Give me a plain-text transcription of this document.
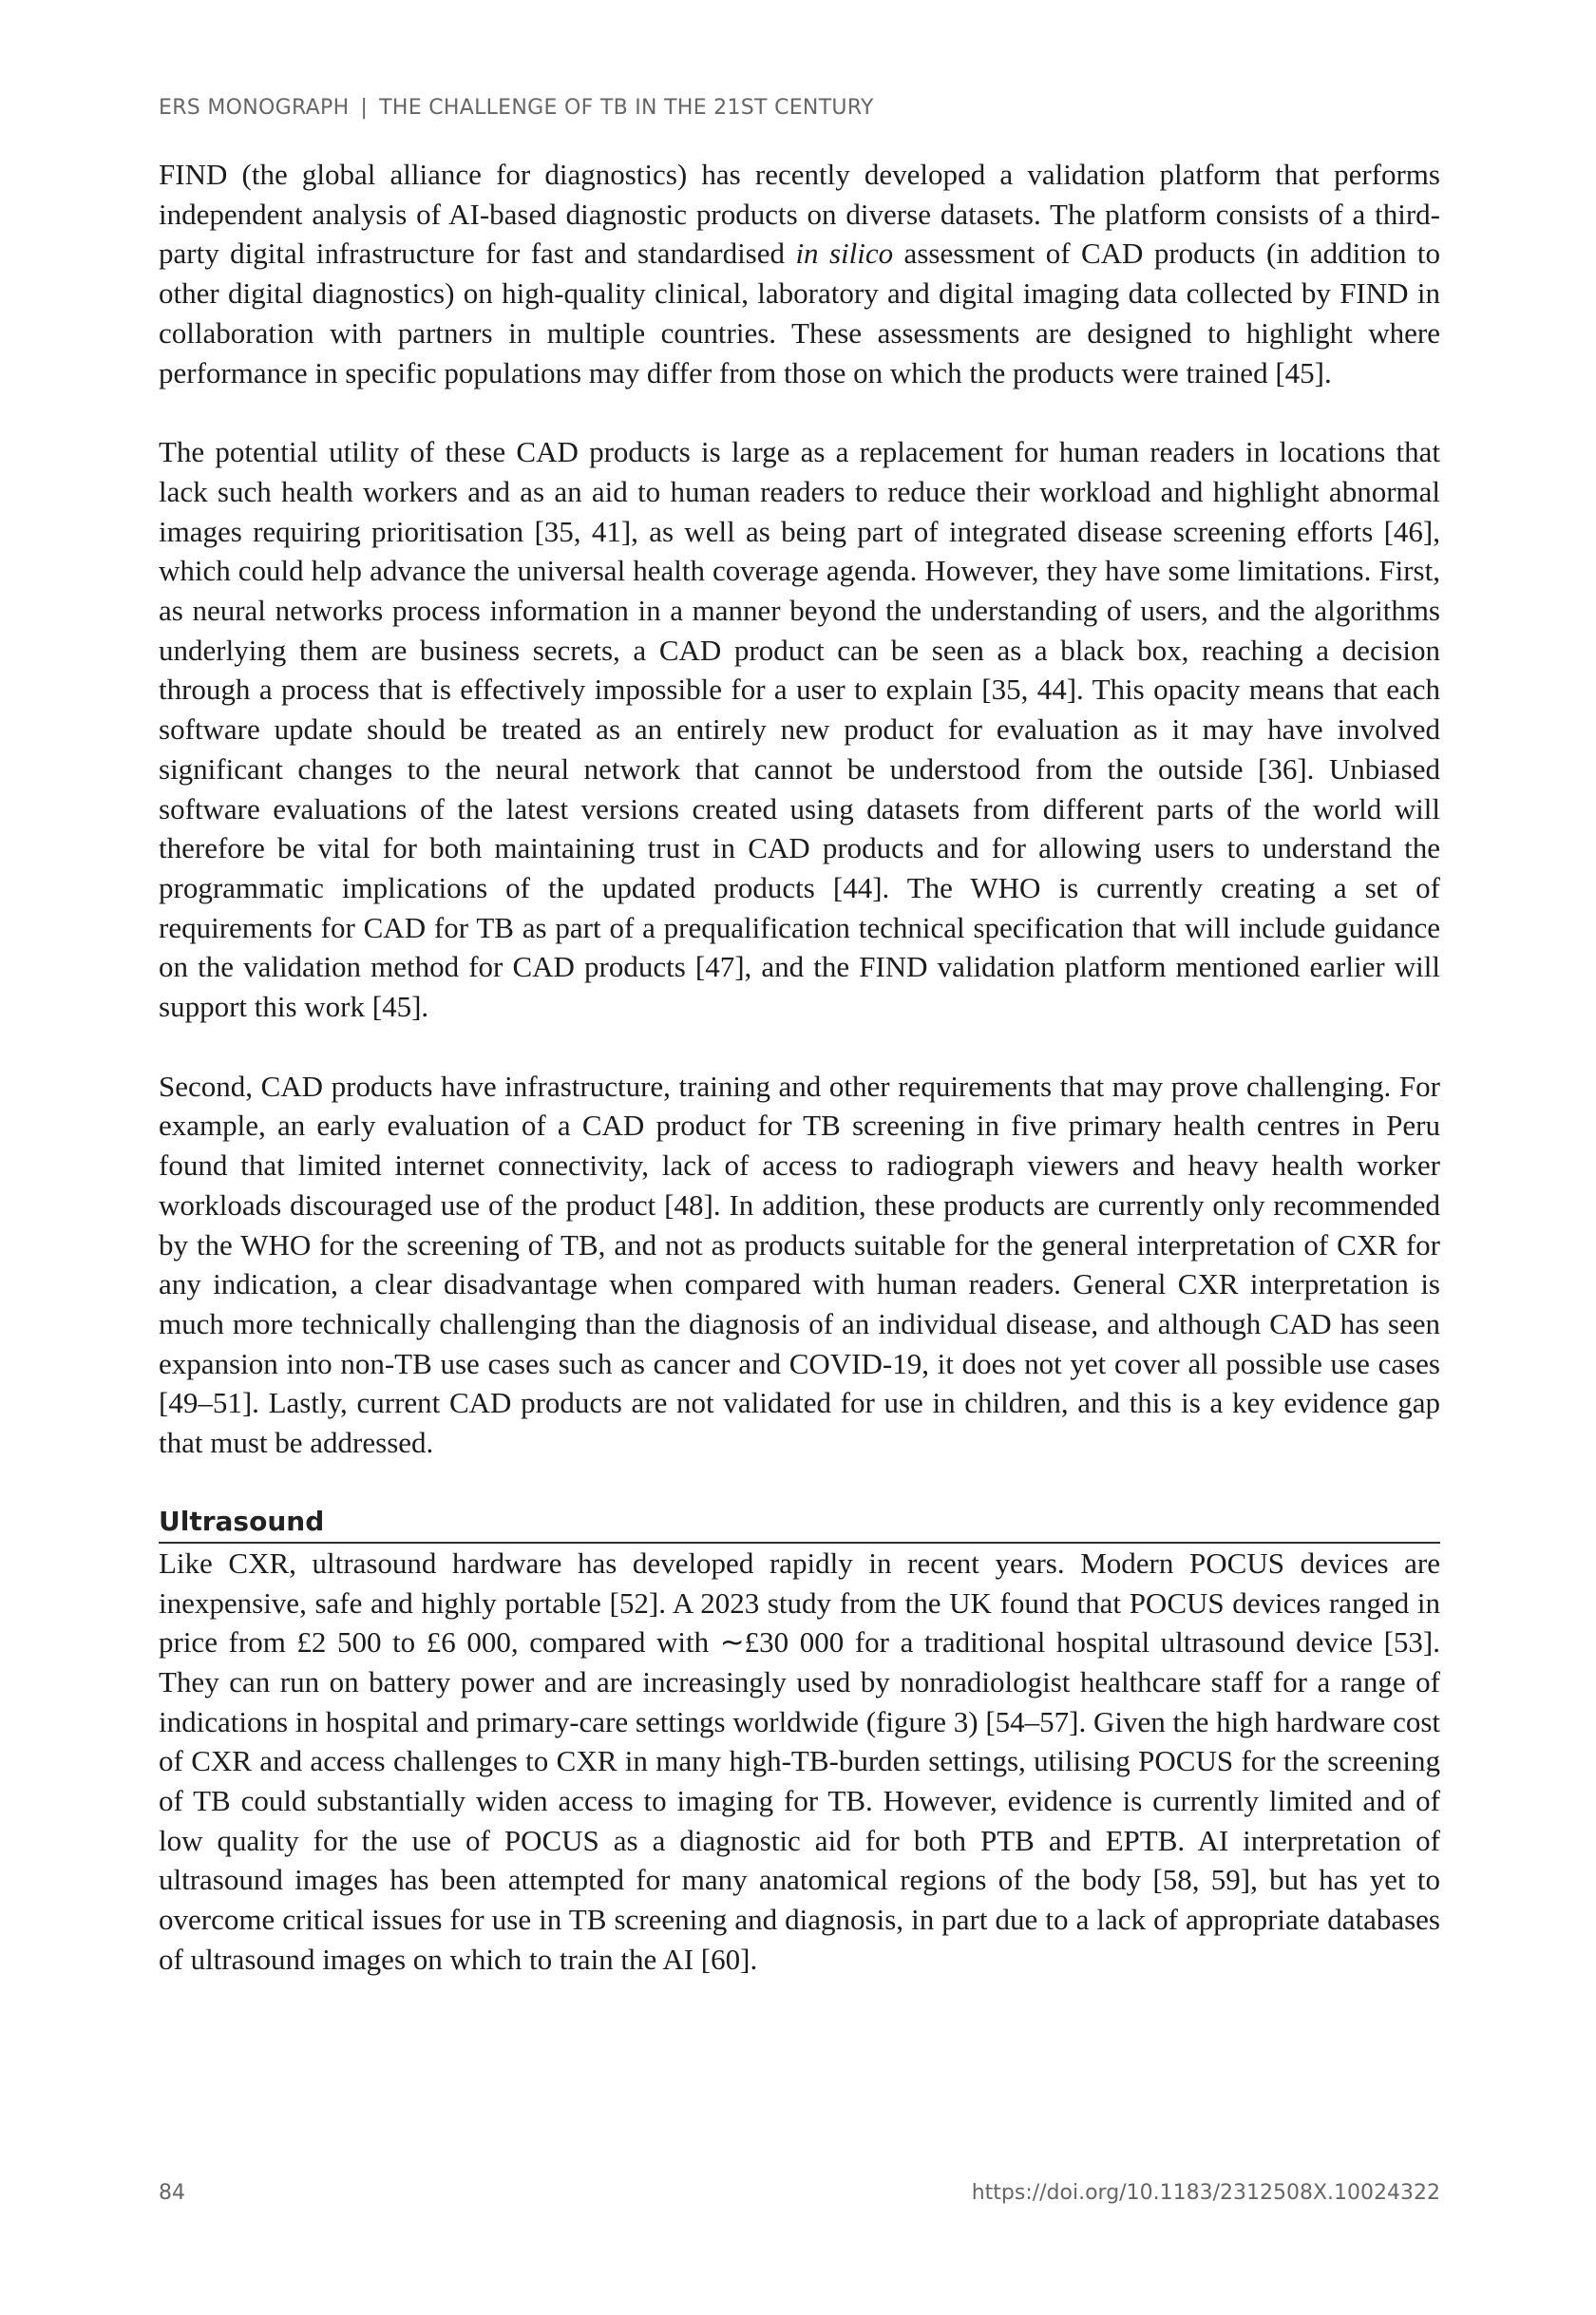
ERS MONOGRAPH | THE CHALLENGE OF TB IN THE 21ST CENTURY

FIND (the global alliance for diagnostics) has recently developed a validation platform that performs independent analysis of AI-based diagnostic products on diverse datasets. The platform consists of a third-party digital infrastructure for fast and standardised in silico assessment of CAD products (in addition to other digital diagnostics) on high-quality clinical, laboratory and digital imaging data collected by FIND in collaboration with partners in multiple countries. These assessments are designed to highlight where performance in specific populations may differ from those on which the products were trained [45].

The potential utility of these CAD products is large as a replacement for human readers in locations that lack such health workers and as an aid to human readers to reduce their workload and highlight abnormal images requiring prioritisation [35, 41], as well as being part of integrated disease screening efforts [46], which could help advance the universal health coverage agenda. However, they have some limitations. First, as neural networks process information in a manner beyond the understanding of users, and the algorithms underlying them are business secrets, a CAD product can be seen as a black box, reaching a decision through a process that is effectively impossible for a user to explain [35, 44]. This opacity means that each software update should be treated as an entirely new product for evaluation as it may have involved significant changes to the neural network that cannot be understood from the outside [36]. Unbiased software evaluations of the latest versions created using datasets from different parts of the world will therefore be vital for both maintaining trust in CAD products and for allowing users to understand the programmatic implications of the updated products [44]. The WHO is currently creating a set of requirements for CAD for TB as part of a prequalification technical specification that will include guidance on the validation method for CAD products [47], and the FIND validation platform mentioned earlier will support this work [45].

Second, CAD products have infrastructure, training and other requirements that may prove challenging. For example, an early evaluation of a CAD product for TB screening in five primary health centres in Peru found that limited internet connectivity, lack of access to radiograph viewers and heavy health worker workloads discouraged use of the product [48]. In addition, these products are currently only recommended by the WHO for the screening of TB, and not as products suitable for the general interpretation of CXR for any indication, a clear disadvantage when compared with human readers. General CXR interpretation is much more technically challenging than the diagnosis of an individual disease, and although CAD has seen expansion into non-TB use cases such as cancer and COVID-19, it does not yet cover all possible use cases [49–51]. Lastly, current CAD products are not validated for use in children, and this is a key evidence gap that must be addressed.

Ultrasound

Like CXR, ultrasound hardware has developed rapidly in recent years. Modern POCUS devices are inexpensive, safe and highly portable [52]. A 2023 study from the UK found that POCUS devices ranged in price from £2 500 to £6 000, compared with ∼£30 000 for a traditional hospital ultrasound device [53]. They can run on battery power and are increasingly used by nonradiologist healthcare staff for a range of indications in hospital and primary-care settings worldwide (figure 3) [54–57]. Given the high hardware cost of CXR and access challenges to CXR in many high-TB-burden settings, utilising POCUS for the screening of TB could substantially widen access to imaging for TB. However, evidence is currently limited and of low quality for the use of POCUS as a diagnostic aid for both PTB and EPTB. AI interpretation of ultrasound images has been attempted for many anatomical regions of the body [58, 59], but has yet to overcome critical issues for use in TB screening and diagnosis, in part due to a lack of appropriate databases of ultrasound images on which to train the AI [60].

84	https://doi.org/10.1183/2312508X.10024322
